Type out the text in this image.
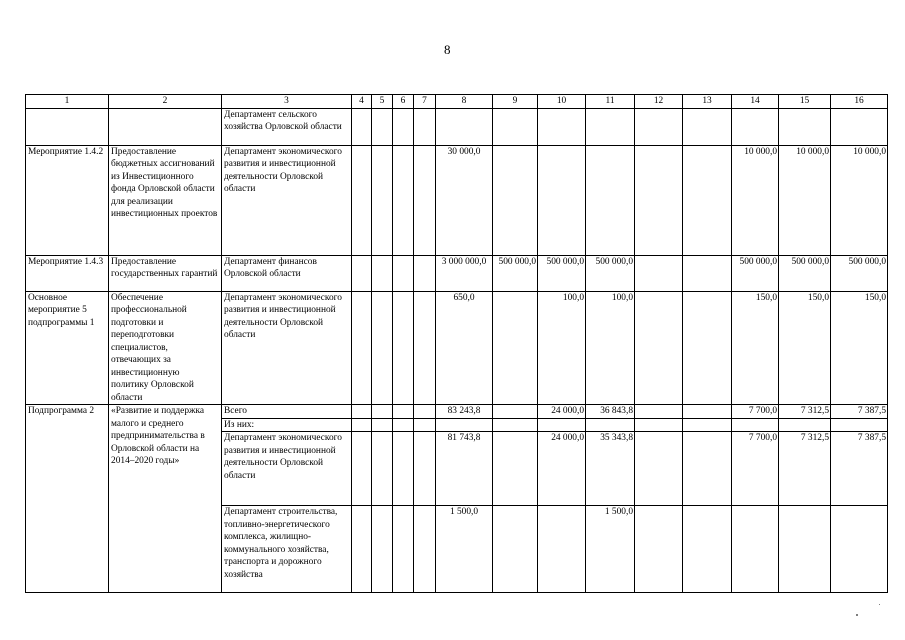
8
1	2	3	4	5	6	7	8	9	10	11	12	13	14	15	16
		Департамент сельского хозяйства Орловской области													
Мероприятие 1.4.2	Предоставление бюджетных ассигнований из Инвестиционного фонда Орловской области для реализации инвестиционных проектов	Департамент экономического развития и инвестиционной деятельности Орловской области					30 000,0						10 000,0	10 000,0	10 000,0
Мероприятие 1.4.3	Предоставление государственных гарантий	Департамент финансов Орловской области					3 000 000,0	500 000,0	500 000,0	500 000,0			500 000,0	500 000,0	500 000,0
Основное мероприятие 5 подпрограммы 1	Обеспечение профессиональной подготовки и переподготовки специалистов, отвечающих за инвестиционную политику Орловской области	Департамент экономического развития и инвестиционной деятельности Орловской области					650,0		100,0	100,0			150,0	150,0	150,0
Подпрограмма 2	«Развитие и поддержка малого и среднего предпринимательства в Орловской области на 2014–2020 годы»	Всего					83 243,8		24 000,0	36 843,8			7 700,0	7 312,5	7 387,5
		Из них:													
		Департамент экономического развития и инвестиционной деятельности Орловской области					81 743,8		24 000,0	35 343,8			7 700,0	7 312,5	7 387,5
		Департамент строительства, топливно-энергетического комплекса, жилищно-коммунального хозяйства, транспорта и дорожного хозяйства					1 500,0			1 500,0					
